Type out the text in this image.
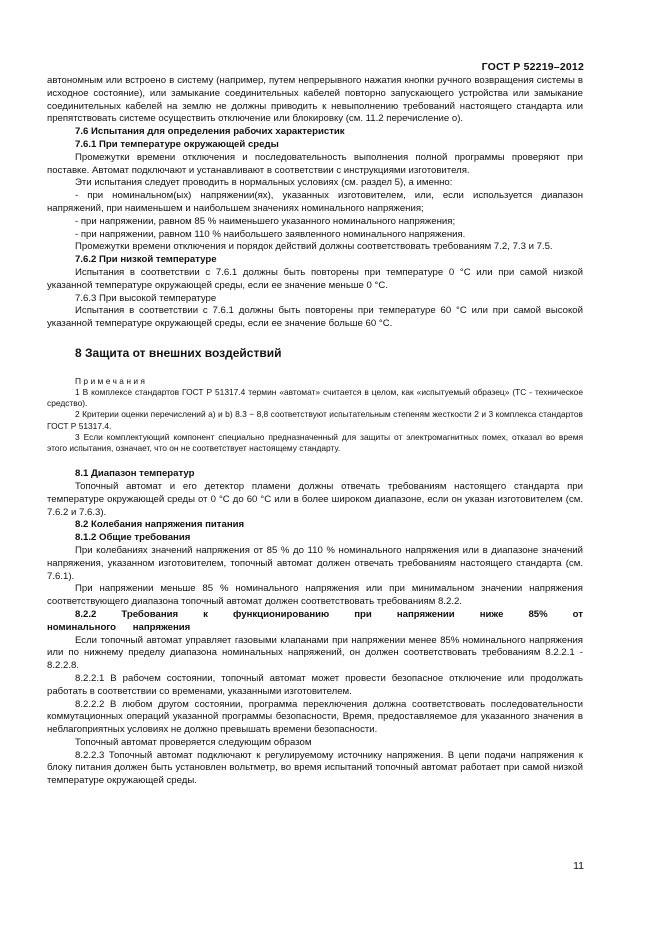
ГОСТ Р 52219–2012

автономным или встроено в систему (например, путем непрерывного нажатия кнопки ручного возвращения системы в исходное состояние), или замыкание соединительных кабелей повторно запускающего устройства или замыкание соединительных кабелей на землю не должны приводить к невыполнению требований настоящего стандарта или препятствовать системе осуществить отключение или блокировку (см. 11.2 перечисление о).

7.6 Испытания для определения рабочих характеристик

7.6.1 При температуре окружающей среды

Промежутки времени отключения и последовательность выполнения полной программы проверяют при поставке. Автомат подключают и устанавливают в соответствии с инструкциями изготовителя.

Эти испытания следует проводить в нормальных условиях (см. раздел 5), а именно:

- при номинальном(ых) напряжении(ях), указанных изготовителем, или, если используется диапазон напряжений, при наименьшем и наибольшем значениях номинального напряжения;

- при напряжении, равном 85 % наименьшего указанного номинального напряжения;

- при напряжении, равном 110 % наибольшего заявленного номинального напряжения.

Промежутки времени отключения и порядок действий должны соответствовать требованиям 7.2, 7.3 и 7.5.

7.6.2 При низкой температуре

Испытания в соответствии с 7.6.1 должны быть повторены при температуре 0 °С или при самой низкой указанной температуре окружающей среды, если ее значение меньше 0 °С.

7.6.3 При высокой температуре

Испытания в соответствии с 7.6.1 должны быть повторены при температуре 60 °С или при самой высокой указанной температуре окружающей среды, если ее значение больше 60 °С.

8 Защита от внешних воздействий

Примечания

1 В комплексе стандартов ГОСТ Р 51317.4 термин «автомат» считается в целом, как «испытуемый образец» (ТС - техническое средство).

2 Критерии оценки перечислений а) и b) 8.3 − 8,8 соответствуют испытательным степеням жесткости 2 и 3 комплекса стандартов ГОСТ Р 51317.4.

3 Если комплектующий компонент специально предназначенный для защиты от электромагнитных помех, отказал во время этого испытания, означает, что он не соответствует настоящему стандарту.

8.1 Диапазон температур

Топочный автомат и его детектор пламени должны отвечать требованиям настоящего стандарта при температуре окружающей среды от 0 °С до 60 °С или в более широком диапазоне, если он указан изготовителем (см. 7.6.2 и 7.6.3).

8.2 Колебания напряжения питания

8.1.2 Общие требования

При колебаниях значений напряжения от 85 % до 110 % номинального напряжения или в диапазоне значений напряжения, указанном изготовителем, топочный автомат должен отвечать требованиям настоящего стандарта (см. 7.6.1).

При напряжении меньше 85 % номинального напряжения или при минимальном значении напряжения соответствующего диапазона топочный автомат должен соответствовать требованиям 8.2.2.

8.2.2 Требования к функционированию при напряжении ниже 85% от номинального напряжения

Если топочный автомат управляет газовыми клапанами при напряжении менее 85% номинального напряжения или по нижнему пределу диапазона номинальных напряжений, он должен соответствовать требованиям 8.2.2.1 - 8.2.2.8.

8.2.2.1 В рабочем состоянии, топочный автомат может провести безопасное отключение или продолжать работать в соответствии со временами, указанными изготовителем.

8.2.2.2 В любом другом состоянии, программа переключения должна соответствовать последовательности коммутационных операций указанной программы безопасности, Время, предоставляемое для указанного значения в неблагоприятных условиях не должно превышать времени безопасности.

Топочный автомат проверяется следующим образом

8.2.2.3 Топочный автомат подключают к регулируемому источнику напряжения. В цепи подачи напряжения к блоку питания должен быть установлен вольтметр, во время испытаний топочный автомат работает при самой низкой температуре окружающей среды.

11
